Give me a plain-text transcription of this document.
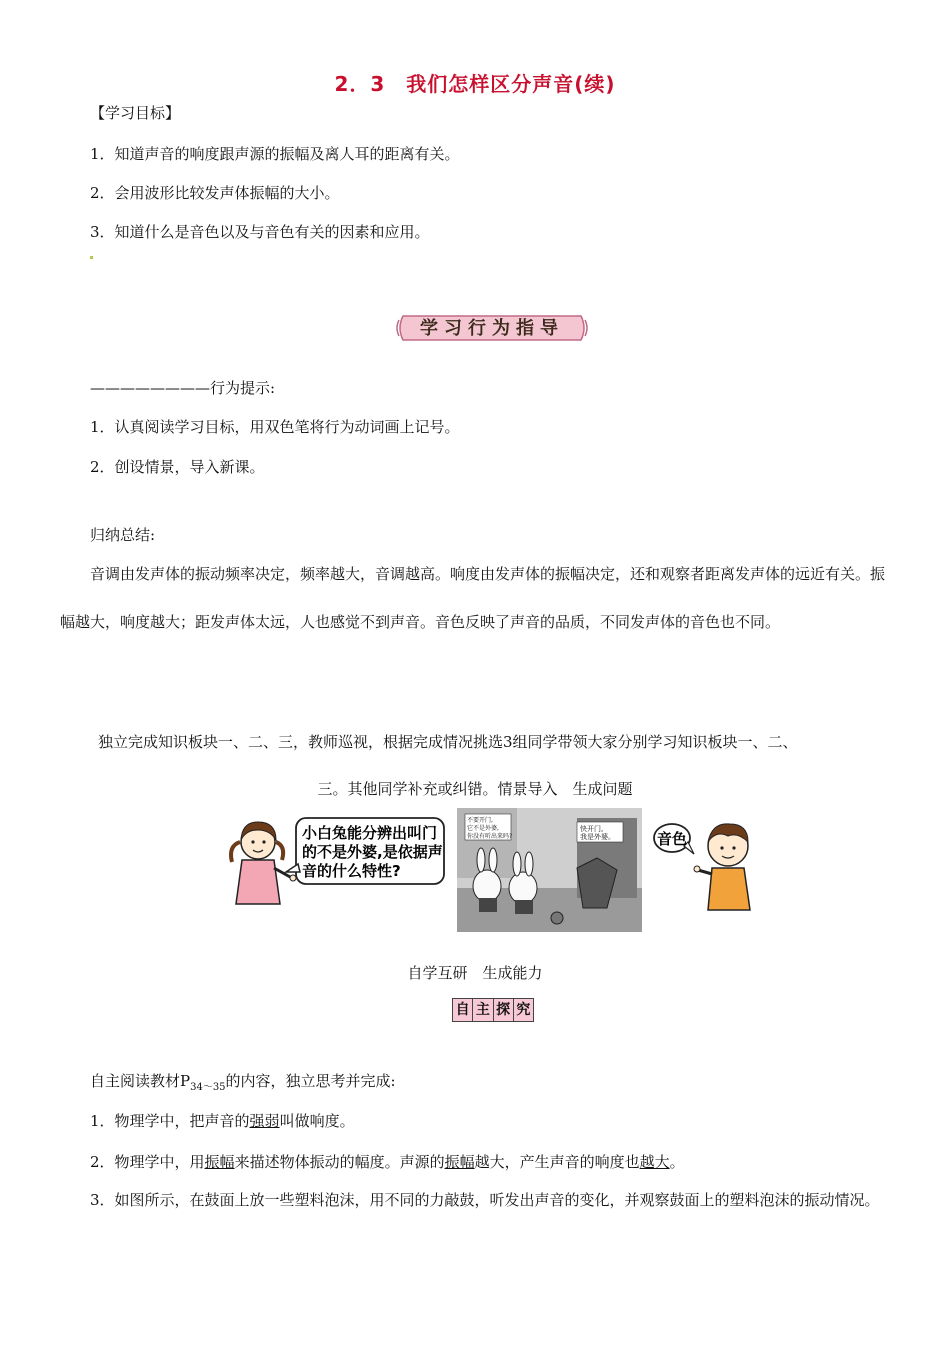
2．3　我们怎样区分声音(续)
【学习目标】
1．知道声音的响度跟声源的振幅及离人耳的距离有关。
2．会用波形比较发声体振幅的大小。
3．知道什么是音色以及与音色有关的因素和应用。
学习行为指导
————————行为提示:
1．认真阅读学习目标，用双色笔将行为动词画上记号。
2．创设情景，导入新课。
归纳总结:
音调由发声体的振动频率决定，频率越大，音调越高。响度由发声体的振幅决定，还和观察者距离发声体的远近有关。振幅越大，响度越大；距发声体太远，人也感觉不到声音。音色反映了声音的品质，不同发声体的音色也不同。
独立完成知识板块一、二、三，教师巡视，根据完成情况挑选3组同学带领大家分别学习知识板块一、二、
三。其他同学补充或纠错。情景导入　生成问题
小白兔能分辨出叫门
的不是外婆,是依据声
音的什么特性?
不要开门,
它不是外婆,
你没有听出来吗?
快开门,
我是外婆。	音色
自学互研　生成能力
自 主 探 究
自主阅读教材$P_{34\sim 35}$的内容，独立思考并完成:
1．物理学中，把声音的强弱叫做响度。
2．物理学中，用振幅来描述物体振动的幅度。声源的振幅越大，产生声音的响度也越大。
3．如图所示，在鼓面上放一些塑料泡沫，用不同的力敲鼓，听发出声音的变化，并观察鼓面上的塑料泡沫的振动情况。
